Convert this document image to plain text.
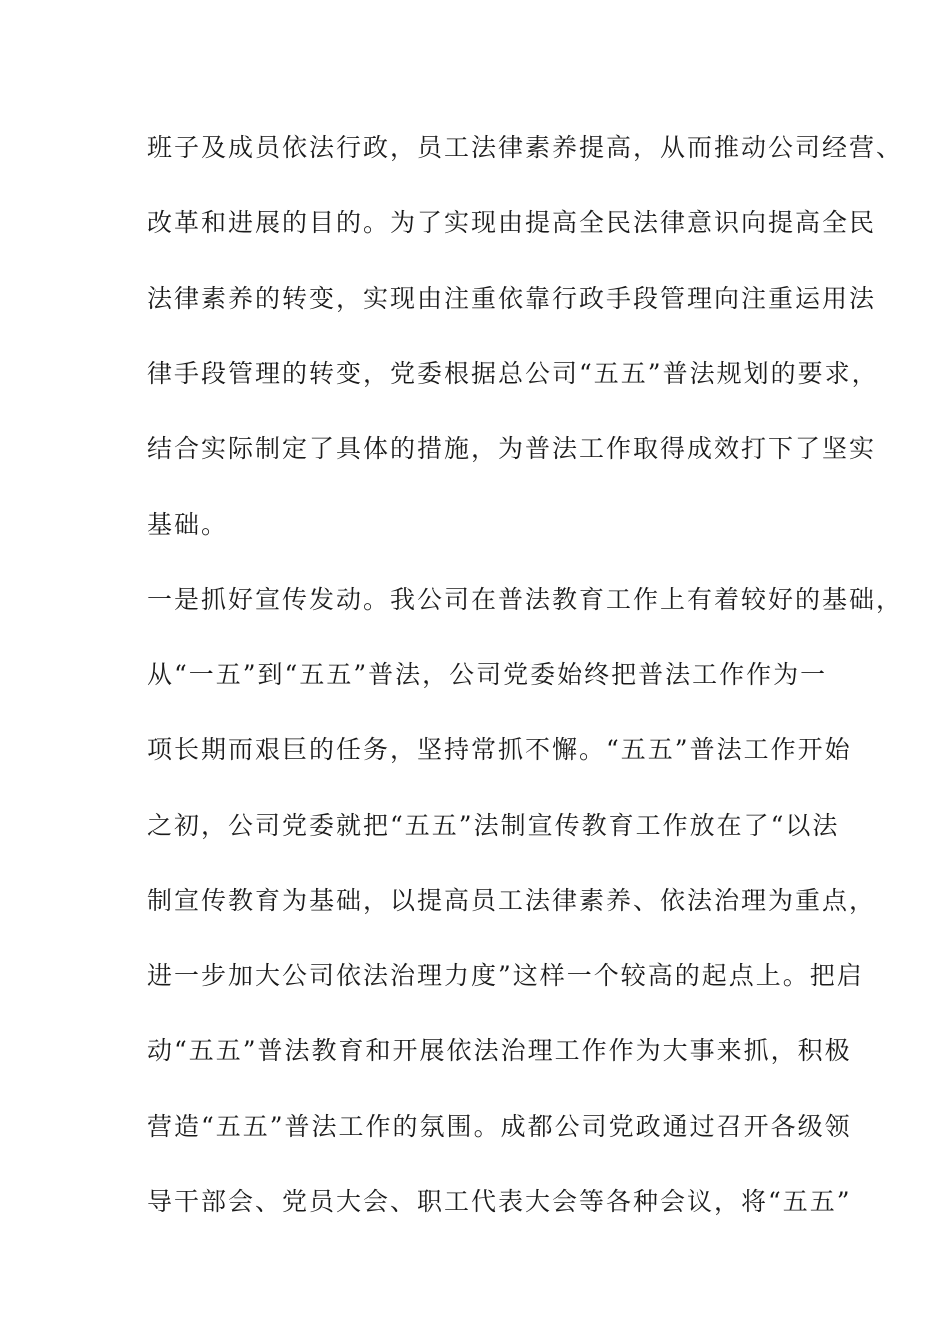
班子及成员依法行政，员工法律素养提高，从而推动公司经营、
改革和进展的目的。为了实现由提高全民法律意识向提高全民
法律素养的转变，实现由注重依靠行政手段管理向注重运用法
律手段管理的转变，党委根据总公司“五五”普法规划的要求，
结合实际制定了具体的措施，为普法工作取得成效打下了坚实
基础。
一是抓好宣传发动。我公司在普法教育工作上有着较好的基础，
从“一五”到“五五”普法，公司党委始终把普法工作作为一
项长期而艰巨的任务，坚持常抓不懈。“五五”普法工作开始
之初，公司党委就把“五五”法制宣传教育工作放在了“以法
制宣传教育为基础，以提高员工法律素养、依法治理为重点，
进一步加大公司依法治理力度”这样一个较高的起点上。把启
动“五五”普法教育和开展依法治理工作作为大事来抓，积极
营造“五五”普法工作的氛围。成都公司党政通过召开各级领
导干部会、党员大会、职工代表大会等各种会议，将“五五”
